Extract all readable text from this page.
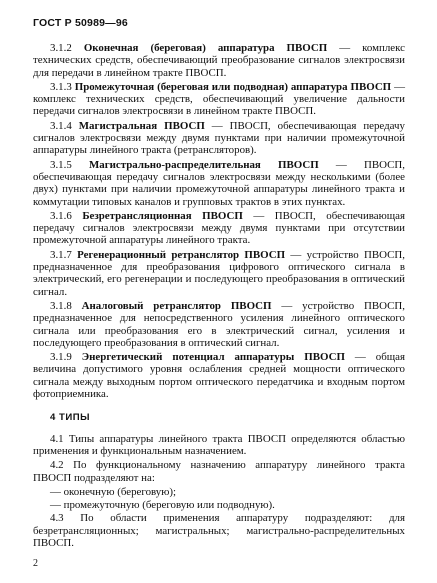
ГОСТ Р 50989—96

3.1.2 Оконечная (береговая) аппаратура ПВОСП — комплекс технических средств, обеспечивающий преобразование сигналов электросвязи для передачи в линейном тракте ПВОСП.

3.1.3 Промежуточная (береговая или подводная) аппаратура ПВОСП — комплекс технических средств, обеспечивающий увеличение дальности передачи сигналов электросвязи в линейном тракте ПВОСП.

3.1.4 Магистральная ПВОСП — ПВОСП, обеспечивающая передачу сигналов электросвязи между двумя пунктами при наличии промежуточной аппаратуры линейного тракта (ретрансляторов).

3.1.5 Магистрально-распределительная ПВОСП — ПВОСП, обеспечивающая передачу сигналов электросвязи между несколькими (более двух) пунктами при наличии промежуточной аппаратуры линейного тракта и коммутации типовых каналов и групповых трактов в этих пунктах.

3.1.6 Безретрансляционная ПВОСП — ПВОСП, обеспечивающая передачу сигналов электросвязи между двумя пунктами при отсутствии промежуточной аппаратуры линейного тракта.

3.1.7 Регенерационный ретранслятор ПВОСП — устройство ПВОСП, предназначенное для преобразования цифрового оптического сигнала в электрический, его регенерации и последующего преобразования в оптический сигнал.

3.1.8 Аналоговый ретранслятор ПВОСП — устройство ПВОСП, предназначенное для непосредственного усиления линейного оптического сигнала или преобразования его в электрический сигнал, усиления и последующего преобразования в оптический сигнал.

3.1.9 Энергетический потенциал аппаратуры ПВОСП — общая величина допустимого уровня ослабления средней мощности оптического сигнала между выходным портом оптического передатчика и входным портом фотоприемника.

4 ТИПЫ

4.1 Типы аппаратуры линейного тракта ПВОСП определяются областью применения и функциональным назначением.

4.2 По функциональному назначению аппаратуру линейного тракта ПВОСП подразделяют на:

— оконечную (береговую);

— промежуточную (береговую или подводную).

4.3 По области применения аппаратуру подразделяют: для безретрансляционных; магистральных; магистрально-распределительных ПВОСП.

2
